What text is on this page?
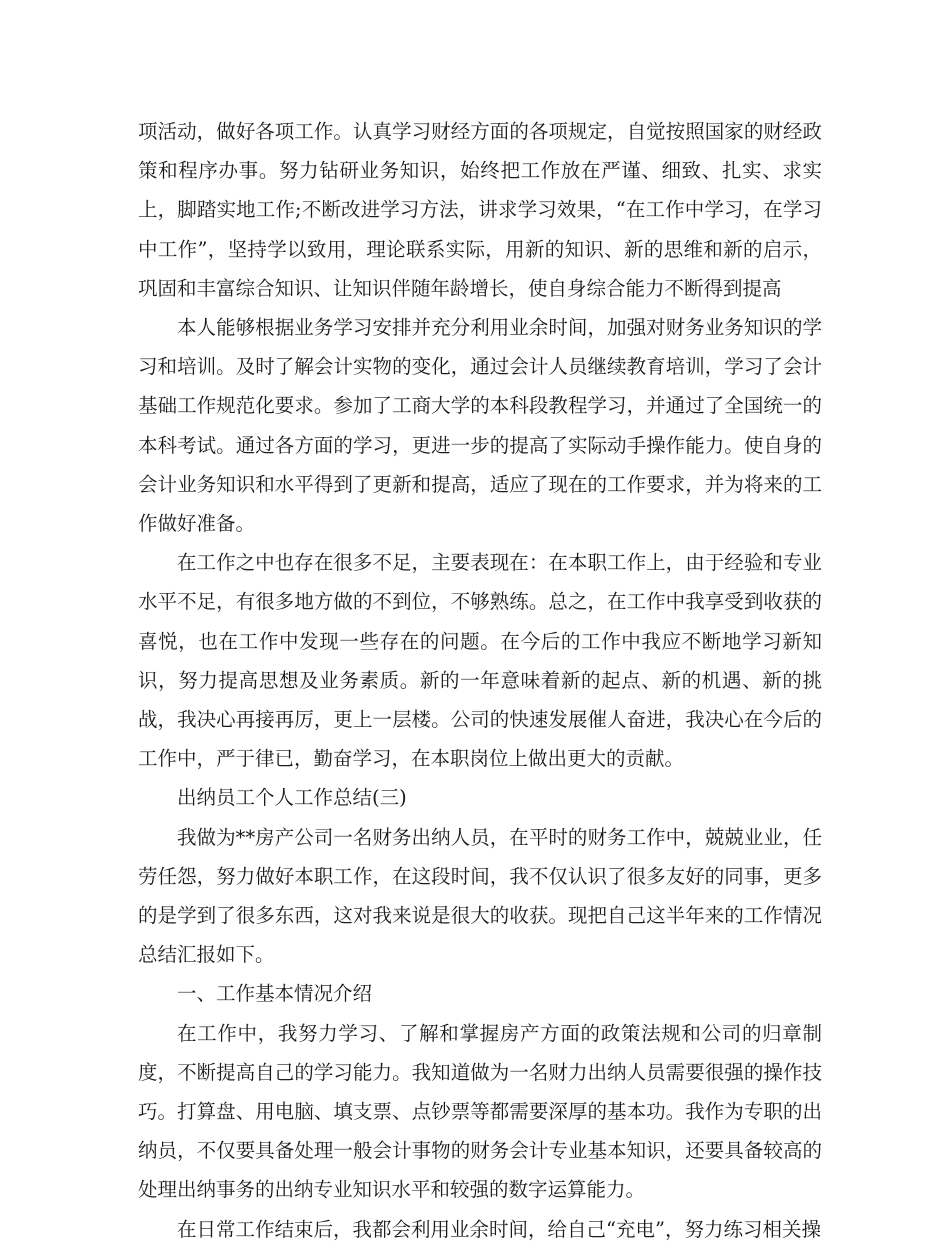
项活动，做好各项工作。认真学习财经方面的各项规定，自觉按照国家的财经政策和程序办事。努力钻研业务知识，始终把工作放在严谨、细致、扎实、求实上，脚踏实地工作;不断改进学习方法，讲求学习效果，“在工作中学习，在学习中工作”，坚持学以致用，理论联系实际，用新的知识、新的思维和新的启示，巩固和丰富综合知识、让知识伴随年龄增长，使自身综合能力不断得到提高

本人能够根据业务学习安排并充分利用业余时间，加强对财务业务知识的学习和培训。及时了解会计实物的变化，通过会计人员继续教育培训，学习了会计基础工作规范化要求。参加了工商大学的本科段教程学习，并通过了全国统一的本科考试。通过各方面的学习，更进一步的提高了实际动手操作能力。使自身的会计业务知识和水平得到了更新和提高，适应了现在的工作要求，并为将来的工作做好准备。

在工作之中也存在很多不足，主要表现在：在本职工作上，由于经验和专业水平不足，有很多地方做的不到位，不够熟练。总之，在工作中我享受到收获的喜悦，也在工作中发现一些存在的问题。在今后的工作中我应不断地学习新知识，努力提高思想及业务素质。新的一年意味着新的起点、新的机遇、新的挑战，我决心再接再厉，更上一层楼。公司的快速发展催人奋进，我决心在今后的工作中，严于律已，勤奋学习，在本职岗位上做出更大的贡献。

出纳员工个人工作总结(三)

我做为**房产公司一名财务出纳人员，在平时的财务工作中，兢兢业业，任劳任怨，努力做好本职工作，在这段时间，我不仅认识了很多友好的同事，更多的是学到了很多东西，这对我来说是很大的收获。现把自己这半年来的工作情况总结汇报如下。

一、工作基本情况介绍

在工作中，我努力学习、了解和掌握房产方面的政策法规和公司的归章制度，不断提高自己的学习能力。我知道做为一名财力出纳人员需要很强的操作技巧。打算盘、用电脑、填支票、点钞票等都需要深厚的基本功。我作为专职的出纳员，不仅要具备处理一般会计事物的财务会计专业基本知识，还要具备较高的处理出纳事务的出纳专业知识水平和较强的数字运算能力。

在日常工作结束后，我都会利用业余时间，给自己“充电”，努力练习相关操
